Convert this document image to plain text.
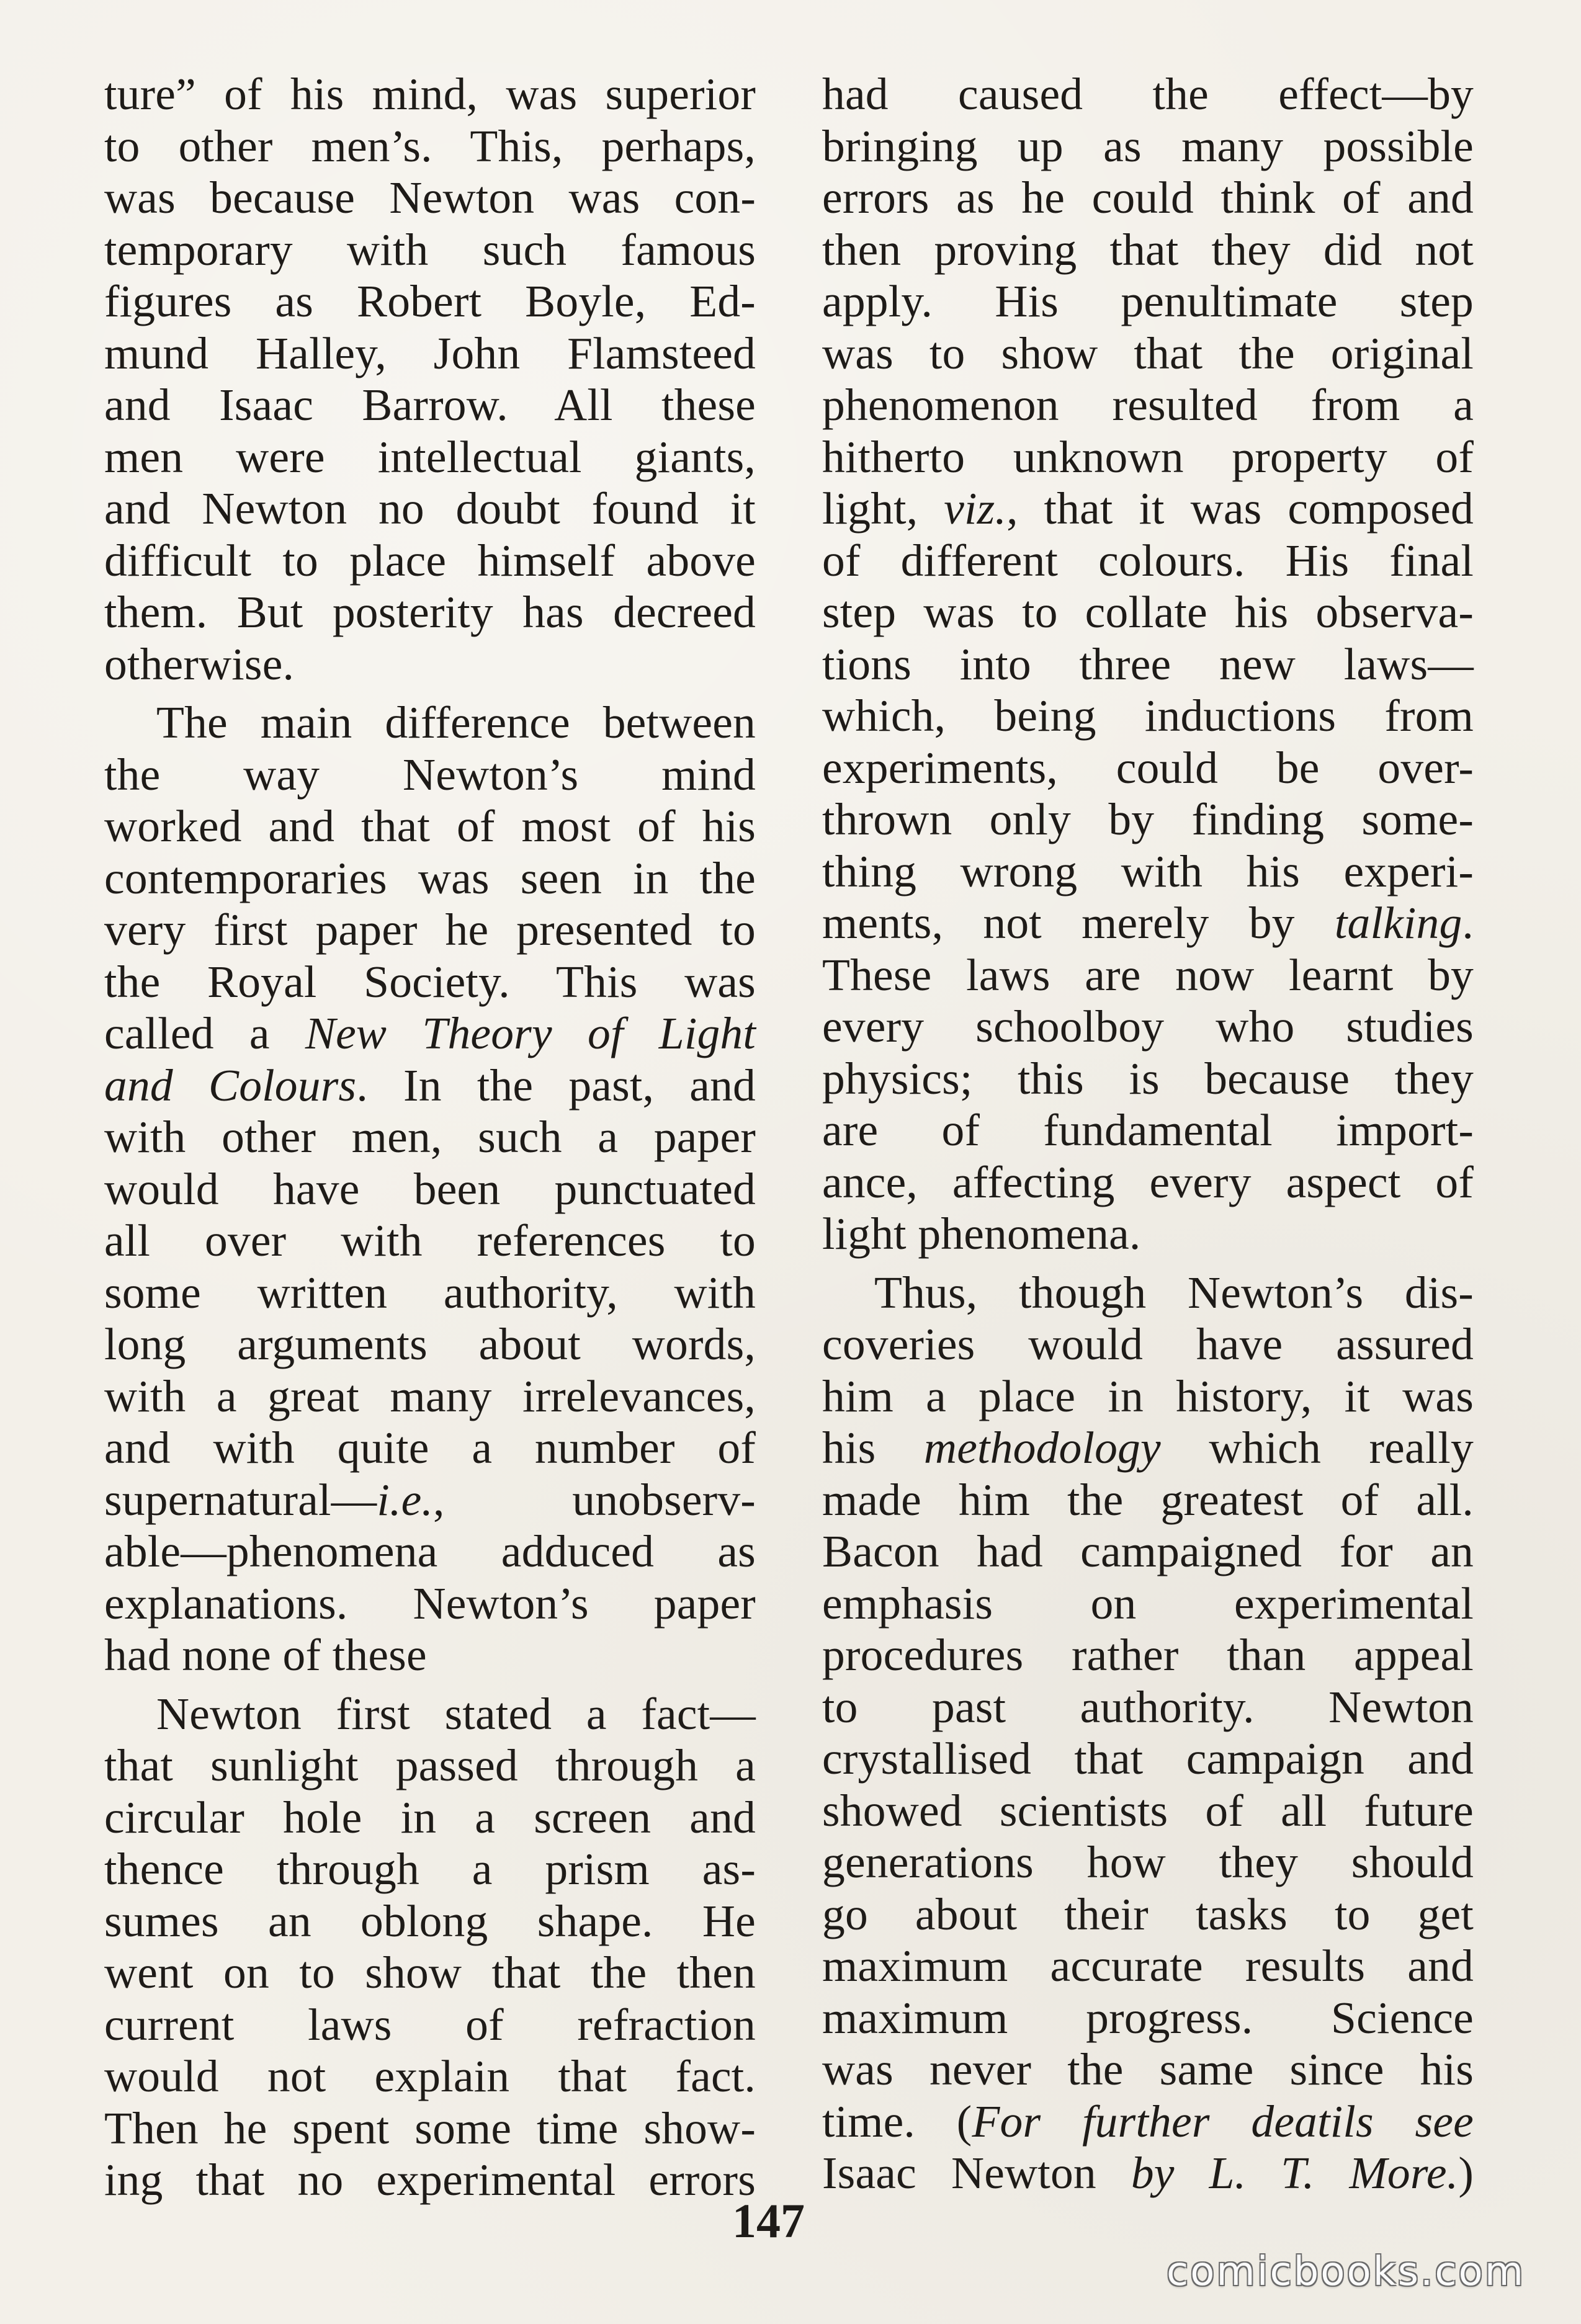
ture” of his mind, was superior
to other men’s. This, perhaps,
was because Newton was con-
temporary with such famous
figures as Robert Boyle, Ed-
mund Halley, John Flamsteed
and Isaac Barrow. All these
men were intellectual giants,
and Newton no doubt found it
difficult to place himself above
them. But posterity has decreed
otherwise.
The main difference between
the way Newton’s mind
worked and that of most of his
contemporaries was seen in the
very first paper he presented to
the Royal Society. This was
called a New Theory of Light
and Colours. In the past, and
with other men, such a paper
would have been punctuated
all over with references to
some written authority, with
long arguments about words,
with a great many irrelevances,
and with quite a number of
supernatural—i.e., unobserv-
able—phenomena adduced as
explanations. Newton’s paper
had none of these
Newton first stated a fact—
that sunlight passed through a
circular hole in a screen and
thence through a prism as-
sumes an oblong shape. He
went on to show that the then
current laws of refraction
would not explain that fact.
Then he spent some time show-
ing that no experimental errors
had caused the effect—by
bringing up as many possible
errors as he could think of and
then proving that they did not
apply. His penultimate step
was to show that the original
phenomenon resulted from a
hitherto unknown property of
light, viz., that it was composed
of different colours. His final
step was to collate his observa-
tions into three new laws—
which, being inductions from
experiments, could be over-
thrown only by finding some-
thing wrong with his experi-
ments, not merely by talking.
These laws are now learnt by
every schoolboy who studies
physics; this is because they
are of fundamental import-
ance, affecting every aspect of
light phenomena.
Thus, though Newton’s dis-
coveries would have assured
him a place in history, it was
his methodology which really
made him the greatest of all.
Bacon had campaigned for an
emphasis on experimental
procedures rather than appeal
to past authority. Newton
crystallised that campaign and
showed scientists of all future
generations how they should
go about their tasks to get
maximum accurate results and
maximum progress. Science
was never the same since his
time. (For further deatils see
Isaac Newton by L. T. More.)
147
comicbooks.com
